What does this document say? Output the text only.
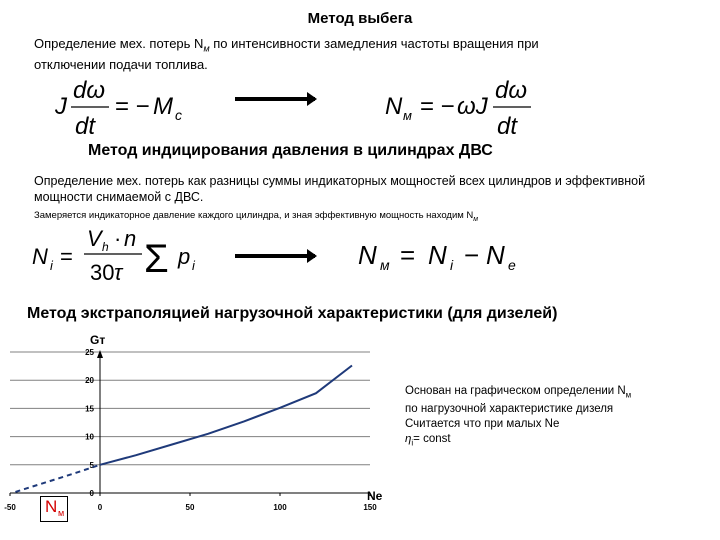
Метод выбега
Определение мех. потерь $N_м$ по интенсивности замедления частоты вращения при
отключении подачи топлива.
J
dω
dt
= − M c	N м = − ωJ
dω
dt
Метод индицирования давления в цилиндрах ДВС
Определение мех. потерь как разницы суммы индикаторных мощностей всех цилиндров и эффективной мощности снимаемой с ДВС.
Замеряется индикаторное давление каждого цилиндра, и зная эффективную мощность находим $N_м$
N i =
V h · n
30 τ Σ p i	N м = N i − N e
Метод экстраполяцией нагрузочной характеристики (для дизелей)
0
5
10
15
20
25
-50	0	50	100	150
Gт
Ne
N м
Основан на графическом определении $N_м$
по нагрузочной характеристике дизеля
Считается что при малых Ne
$\eta_i=$ const
